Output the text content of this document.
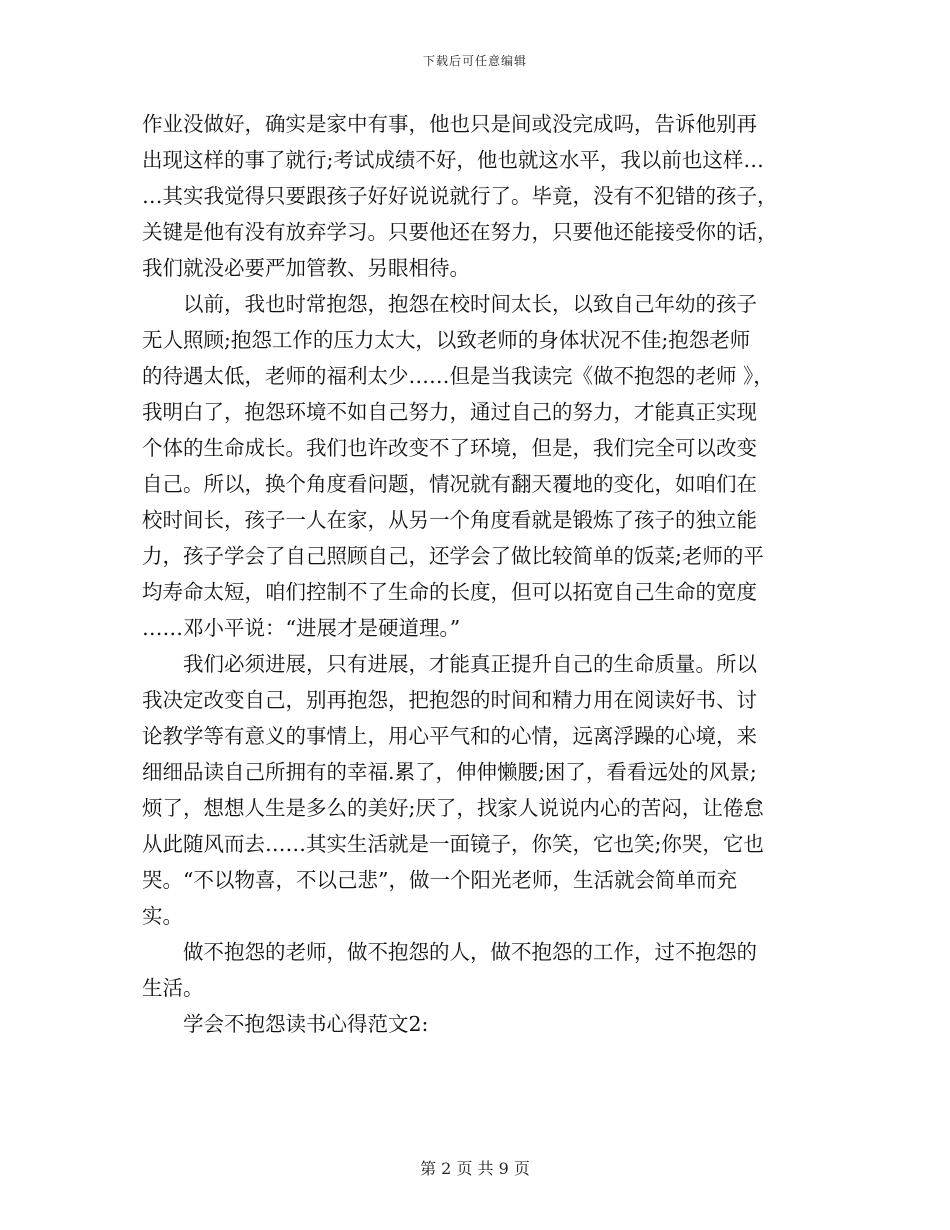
下载后可任意编辑
作业没做好，确实是家中有事，他也只是间或没完成吗，告诉他别再
出现这样的事了就行;考试成绩不好，他也就这水平，我以前也这样…
…其实我觉得只要跟孩子好好说说就行了。毕竟，没有不犯错的孩子，
关键是他有没有放弃学习。只要他还在努力，只要他还能接受你的话，
我们就没必要严加管教、另眼相待。
　　以前，我也时常抱怨，抱怨在校时间太长，以致自己年幼的孩子
无人照顾;抱怨工作的压力太大，以致老师的身体状况不佳;抱怨老师
的待遇太低，老师的福利太少……但是当我读完《做不抱怨的老师 》，
我明白了，抱怨环境不如自己努力，通过自己的努力，才能真正实现
个体的生命成长。我们也许改变不了环境，但是，我们完全可以改变
自己。所以，换个角度看问题，情况就有翻天覆地的变化，如咱们在
校时间长，孩子一人在家，从另一个角度看就是锻炼了孩子的独立能
力，孩子学会了自己照顾自己，还学会了做比较简单的饭菜;老师的平
均寿命太短，咱们控制不了生命的长度，但可以拓宽自己生命的宽度
……邓小平说：“进展才是硬道理。”
　　我们必须进展，只有进展，才能真正提升自己的生命质量。所以
我决定改变自己，别再抱怨，把抱怨的时间和精力用在阅读好书、讨
论教学等有意义的事情上，用心平气和的心情，远离浮躁的心境，来
细细品读自己所拥有的幸福.累了，伸伸懒腰;困了，看看远处的风景;
烦了，想想人生是多么的美好;厌了，找家人说说内心的苦闷，让倦怠
从此随风而去……其实生活就是一面镜子，你笑，它也笑;你哭，它也
哭。“不以物喜，不以己悲”，做一个阳光老师，生活就会简单而充
实。
　　做不抱怨的老师，做不抱怨的人，做不抱怨的工作，过不抱怨的
生活。
　　学会不抱怨读书心得范文2:
第 2 页 共 9 页
